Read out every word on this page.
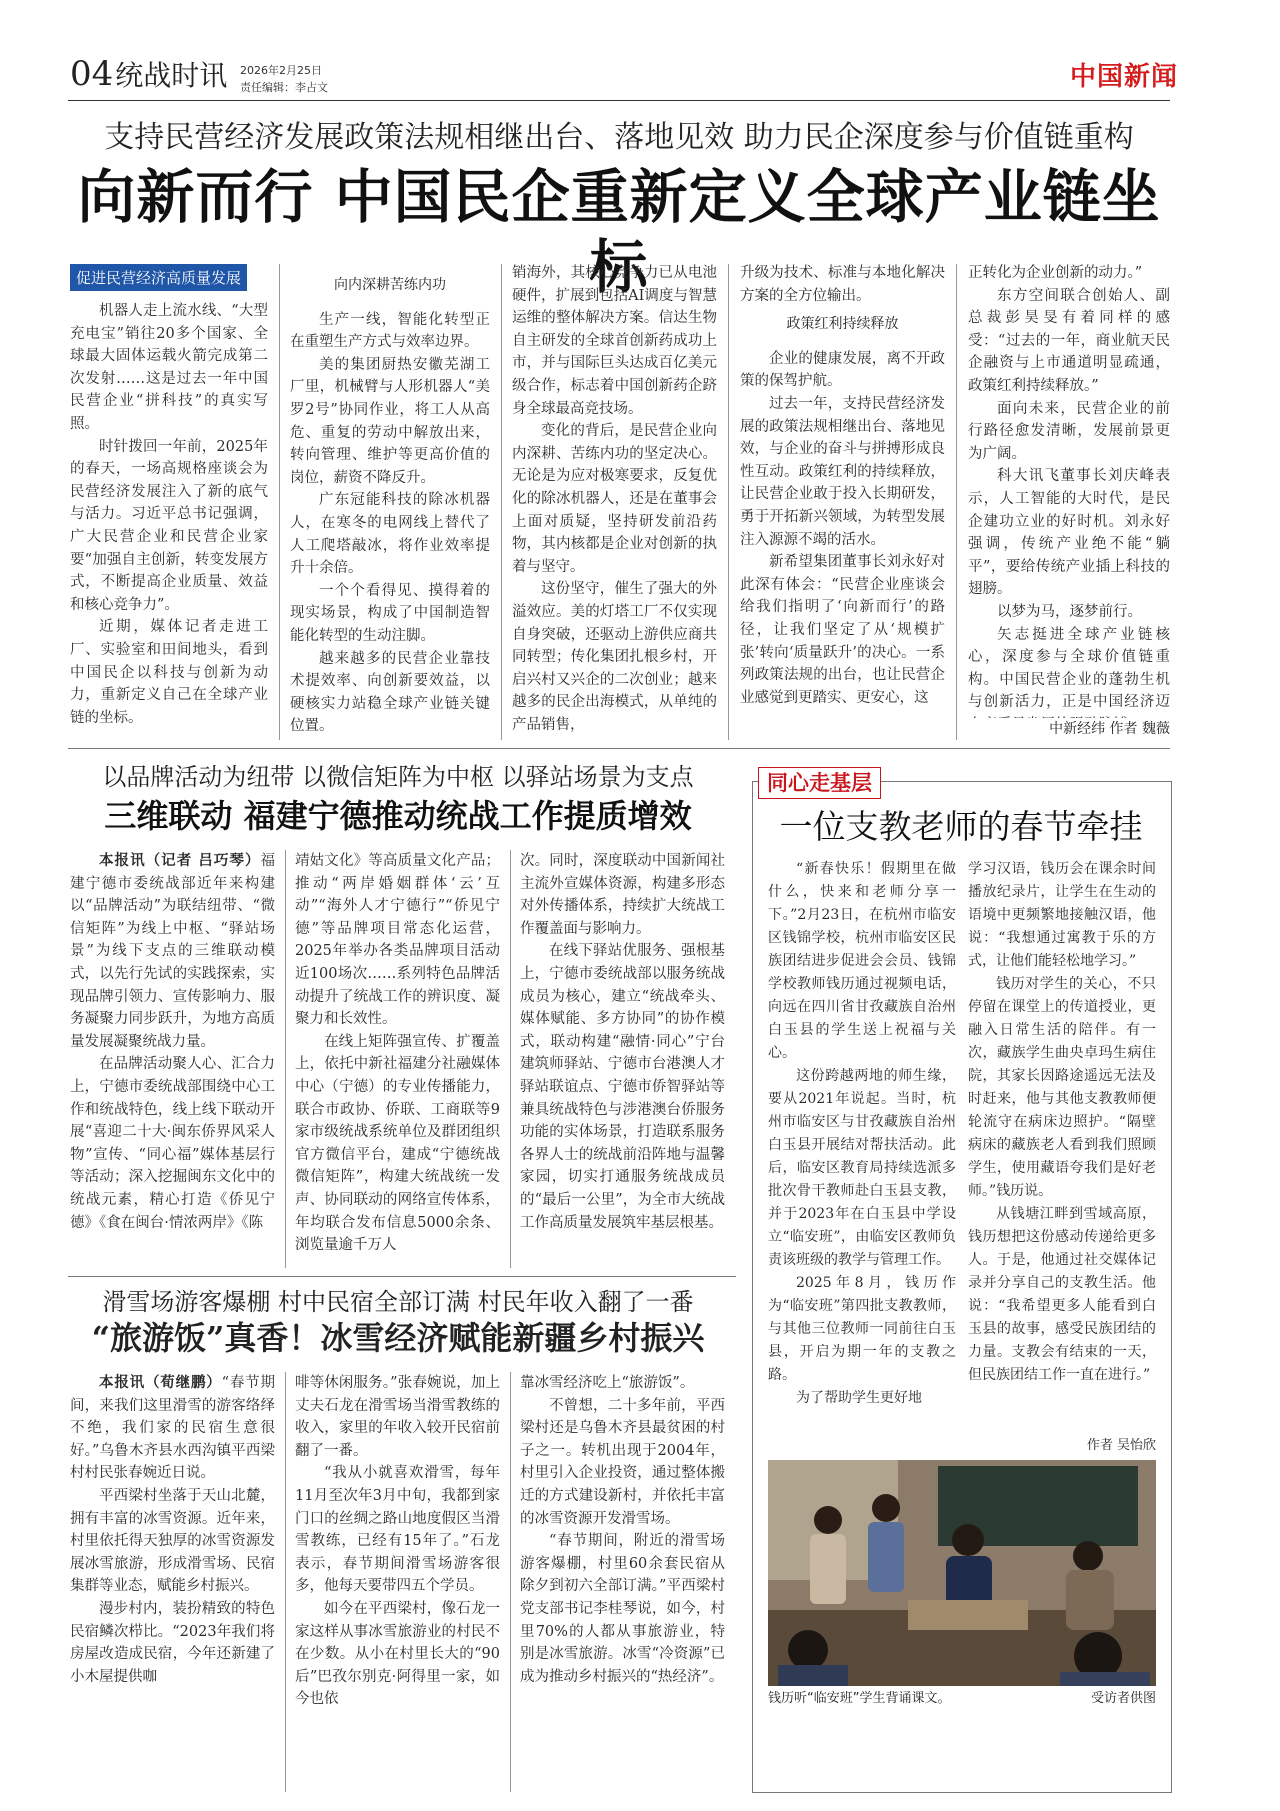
04统战时讯 2026年2月25日
责任编辑：李占文	中国新闻
支持民营经济发展政策法规相继出台、落地见效 助力民企深度参与价值链重构
向新而行 中国民企重新定义全球产业链坐标
促进民营经济高质量发展

机器人走上流水线、“大型充电宝”销往20多个国家、全球最大固体运载火箭完成第二次发射……这是过去一年中国民营企业“拼科技”的真实写照。

时针拨回一年前，2025年的春天，一场高规格座谈会为民营经济发展注入了新的底气与活力。习近平总书记强调，广大民营企业和民营企业家要“加强自主创新，转变发展方式，不断提高企业质量、效益和核心竞争力”。

近期，媒体记者走进工厂、实验室和田间地头，看到中国民企以科技与创新为动力，重新定义自己在全球产业链的坐标。

向内深耕苦练内功

生产一线，智能化转型正在重塑生产方式与效率边界。

美的集团厨热安徽芜湖工厂里，机械臂与人形机器人“美罗2号”协同作业，将工人从高危、重复的劳动中解放出来，转向管理、维护等更高价值的岗位，薪资不降反升。

广东冠能科技的除冰机器人，在寒冬的电网线上替代了人工爬塔敲冰，将作业效率提升十余倍。

一个个看得见、摸得着的现实场景，构成了中国制造智能化转型的生动注脚。

越来越多的民营企业靠技术提效率、向创新要效益，以硬核实力站稳全球产业链关键位置。

销海外，其核心竞争力已从电池硬件，扩展到包括AI调度与智慧运维的整体解决方案。信达生物自主研发的全球首创新药成功上市，并与国际巨头达成百亿美元级合作，标志着中国创新药企跻身全球最高竞技场。

变化的背后，是民营企业向内深耕、苦练内功的坚定决心。无论是为应对极寒要求，反复优化的除冰机器人，还是在董事会上面对质疑，坚持研发前沿药物，其内核都是企业对创新的执着与坚守。

这份坚守，催生了强大的外溢效应。美的灯塔工厂不仅实现自身突破，还驱动上游供应商共同转型；传化集团扎根乡村，开启兴村又兴企的二次创业；越来越多的民企出海模式，从单纯的产品销售，

升级为技术、标准与本地化解决方案的全方位输出。

政策红利持续释放

企业的健康发展，离不开政策的保驾护航。

过去一年，支持民营经济发展的政策法规相继出台、落地见效，与企业的奋斗与拼搏形成良性互动。政策红利的持续释放，让民营企业敢于投入长期研发，勇于开拓新兴领域，为转型发展注入源源不竭的活水。

新希望集团董事长刘永好对此深有体会：“民营企业座谈会给我们指明了‘向新而行’的路径，让我们坚定了从‘规模扩张’转向‘质量跃升’的决心。一系列政策法规的出台，也让民营企业感觉到更踏实、更安心，这

正转化为企业创新的动力。”

东方空间联合创始人、副总裁彭昊旻有着同样的感受：“过去的一年，商业航天民企融资与上市通道明显疏通，政策红利持续释放。”

面向未来，民营企业的前行路径愈发清晰，发展前景更为广阔。

科大讯飞董事长刘庆峰表示，人工智能的大时代，是民企建功立业的好时机。刘永好强调，传统产业绝不能“躺平”，要给传统产业插上科技的翅膀。

以梦为马，逐梦前行。

矢志挺进全球产业链核心，深度参与全球价值链重构。中国民营企业的蓬勃生机与创新活力，正是中国经济迈

中新经纬 作者 魏薇
以品牌活动为纽带 以微信矩阵为中枢 以驿站场景为支点
三维联动 福建宁德推动统战工作提质增效

本报讯（记者 吕巧琴）福建宁德市委统战部近年来构建以“品牌活动”为联结纽带、“微信矩阵”为线上中枢、“驿站场景”为线下支点的三维联动模式，以先行先试的实践探索，实现品牌引领力、宣传影响力、服务凝聚力同步跃升，为地方高质量发展凝聚统战力量。

在品牌活动聚人心、汇合力上，宁德市委统战部围绕中心工作和统战特色，线上线下联动开展“喜迎二十大·闽东侨界风采人物”宣传、“同心福”媒体基层行等活动；深入挖掘闽东文化中的统战元素，精心打造《侨见宁德》《食在闽台·情浓两岸》《陈

靖姑文化》等高质量文化产品；推动“两岸婚姻群体‘云’互动”“海外人才宁德行”“侨见宁德”等品牌项目常态化运营，2025年举办各类品牌项目活动近100场次……系列特色品牌活动提升了统战工作的辨识度、凝聚力和长效性。

在线上矩阵强宣传、扩覆盖上，依托中新社福建分社融媒体中心（宁德）的专业传播能力，联合市政协、侨联、工商联等9家市级统战系统单位及群团组织官方微信平台，建成“宁德统战微信矩阵”，构建大统战统一发声、协同联动的网络宣传体系，年均联合发布信息5000余条、浏览量逾千万人

次。同时，深度联动中国新闻社主流外宣媒体资源，构建多形态对外传播体系，持续扩大统战工作覆盖面与影响力。

在线下驿站优服务、强根基上，宁德市委统战部以服务统战成员为核心，建立“统战牵头、媒体赋能、多方协同”的协作模式，联动构建“融情·同心”宁台建筑师驿站、宁德市台港澳人才驿站联谊点、宁德市侨智驿站等兼具统战特色与涉港澳台侨服务功能的实体场景，打造联系服务各界人士的统战前沿阵地与温馨家园，切实打通服务统战成员的“最后一公里”，为全市大统战工作高质量发展筑牢基层根基。

滑雪场游客爆棚 村中民宿全部订满 村民年收入翻了一番
“旅游饭”真香！冰雪经济赋能新疆乡村振兴

本报讯（荀继鹏）“春节期间，来我们这里滑雪的游客络绎不绝，我们家的民宿生意很好。”乌鲁木齐县水西沟镇平西梁村村民张春婉近日说。

平西梁村坐落于天山北麓，拥有丰富的冰雪资源。近年来，村里依托得天独厚的冰雪资源发展冰雪旅游，形成滑雪场、民宿集群等业态，赋能乡村振兴。

漫步村内，装扮精致的特色民宿鳞次栉比。“2023年我们将房屋改造成民宿，今年还新建了小木屋提供咖

啡等休闲服务。”张春婉说，加上丈夫石龙在滑雪场当滑雪教练的收入，家里的年收入较开民宿前翻了一番。

“我从小就喜欢滑雪，每年11月至次年3月中旬，我都到家门口的丝绸之路山地度假区当滑雪教练，已经有15年了。”石龙表示，春节期间滑雪场游客很多，他每天要带四五个学员。

如今在平西梁村，像石龙一家这样从事冰雪旅游业的村民不在少数。从小在村里长大的“90后”巴孜尔别克·阿得里一家，如今也依

靠冰雪经济吃上“旅游饭”。

不曾想，二十多年前，平西梁村还是乌鲁木齐县最贫困的村子之一。转机出现于2004年，村里引入企业投资，通过整体搬迁的方式建设新村，并依托丰富的冰雪资源开发滑雪场。

“春节期间，附近的滑雪场游客爆棚，村里60余套民宿从除夕到初六全部订满。”平西梁村党支部书记李桂琴说，如今，村里70%的人都从事旅游业，特别是冰雪旅游。冰雪“冷资源”已成为推动乡村振兴的“热经济”。

同心走基层
一位支教老师的春节牵挂

“新春快乐！假期里在做什么，快来和老师分享一下。”2月23日，在杭州市临安区钱锦学校，杭州市临安区民族团结进步促进会会员、钱锦学校教师钱历通过视频电话，向远在四川省甘孜藏族自治州白玉县的学生送上祝福与关心。

这份跨越两地的师生缘，要从2021年说起。当时，杭州市临安区与甘孜藏族自治州白玉县开展结对帮扶活动。此后，临安区教育局持续选派多批次骨干教师赴白玉县支教，并于2023年在白玉县中学设立“临安班”，由临安区教师负责该班级的教学与管理工作。

2025年8月，钱历作为“临安班”第四批支教教师，与其他三位教师一同前往白玉县，开启为期一年的支教之路。

为了帮助学生更好地

学习汉语，钱历会在课余时间播放纪录片，让学生在生动的语境中更频繁地接触汉语，他说：“我想通过寓教于乐的方式，让他们能轻松地学习。”

钱历对学生的关心，不只停留在课堂上的传道授业，更融入日常生活的陪伴。有一次，藏族学生曲央卓玛生病住院，其家长因路途遥远无法及时赶来，他与其他支教教师便轮流守在病床边照护。“隔壁病床的藏族老人看到我们照顾学生，使用藏语夸我们是好老师。”钱历说。

从钱塘江畔到雪域高原，钱历想把这份感动传递给更多人。于是，他通过社交媒体记录并分享自己的支教生活。他说：“我希望更多人能看到白玉县的故事，感受民族团结的力量。支教会有结束的一天，但民族团结工作一直在进行。”

作者 吴怡欣
钱历听“临安班”学生背诵课文。	受访者供图
